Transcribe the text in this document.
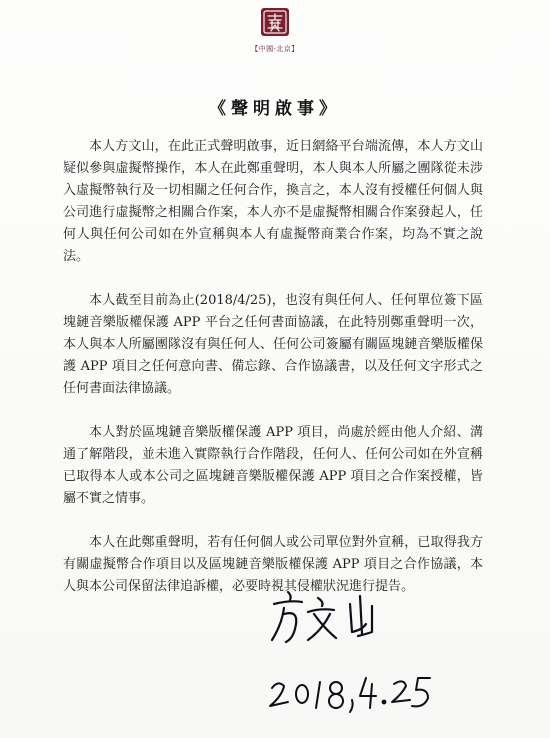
【中國·北京】
《聲明啟事》

本人方文山，在此正式聲明啟事，近日網絡平台端流傳，本人方文山疑似參與虛擬幣操作，本人在此鄭重聲明，本人與本人所屬之團隊從未涉入虛擬幣執行及一切相關之任何合作，換言之，本人沒有授權任何個人與公司進行虛擬幣之相關合作案，本人亦不是虛擬幣相關合作案發起人，任何人與任何公司如在外宣稱與本人有虛擬幣商業合作案，均為不實之說法。

本人截至目前為止(2018/4/25)，也沒有與任何人、任何單位簽下區塊鏈音樂版權保護 APP 平台之任何書面協議，在此特別鄭重聲明一次，本人與本人所屬團隊沒有與任何人、任何公司簽屬有關區塊鏈音樂版權保護 APP 項目之任何意向書、備忘錄、合作協議書，以及任何文字形式之任何書面法律協議。

本人對於區塊鏈音樂版權保護 APP 項目，尚處於經由他人介紹、溝通了解階段，並未進入實際執行合作階段，任何人、任何公司如在外宣稱已取得本人或本公司之區塊鏈音樂版權保護 APP 項目之合作案授權，皆屬不實之情事。

本人在此鄭重聲明，若有任何個人或公司單位對外宣稱，已取得我方有關虛擬幣合作項目以及區塊鏈音樂版權保護 APP 項目之合作協議，本人與本公司保留法律追訴權，必要時視其侵權狀況進行提告。
